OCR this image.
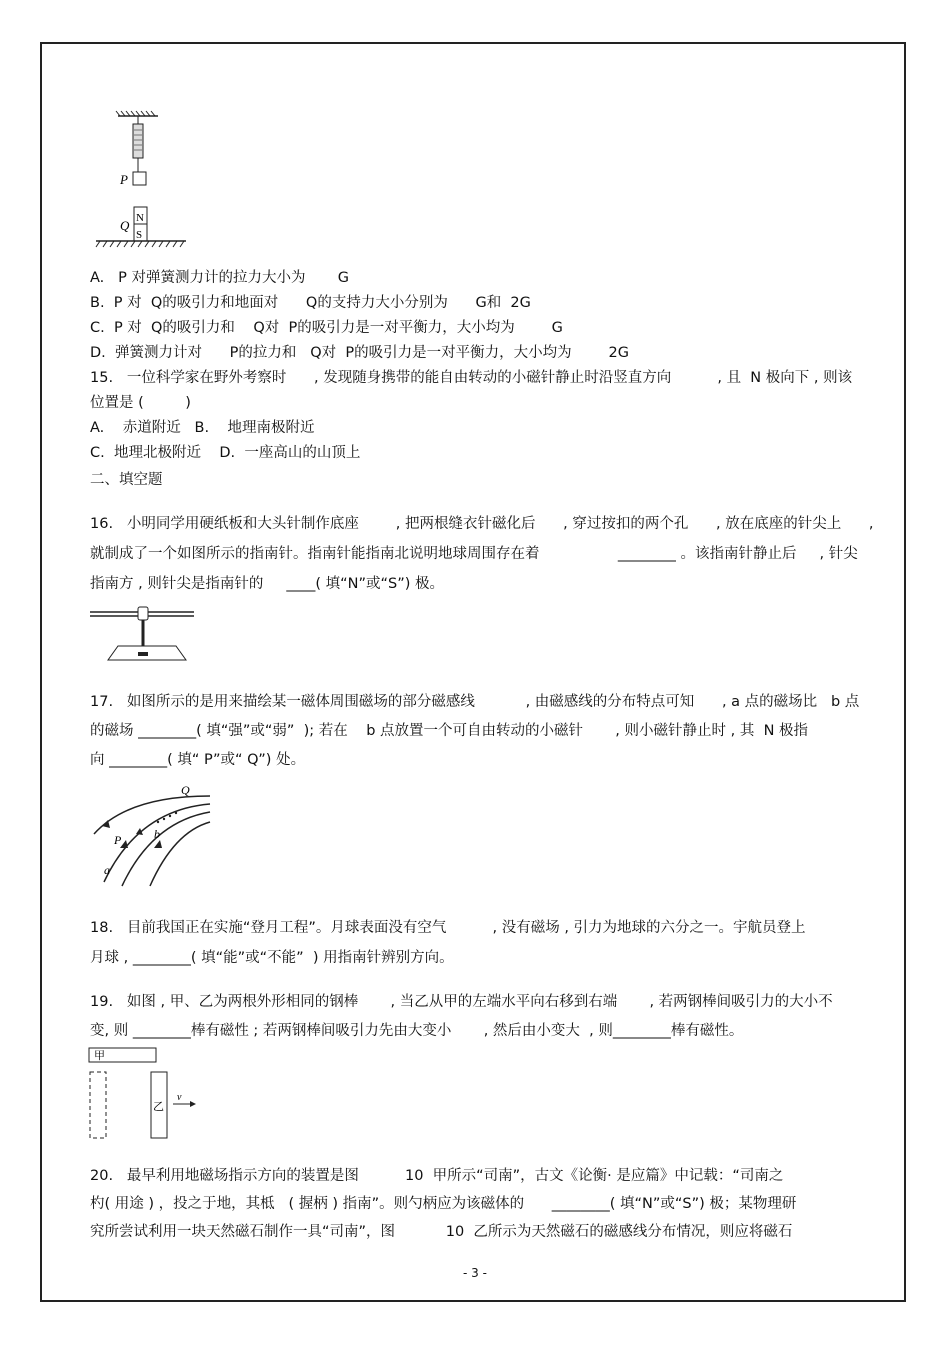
P
N
S
Q
A.   P 对弹簧测力计的拉力大小为       G
B.  P 对  Q的吸引力和地面对      Q的支持力大小分别为      G和  2G
C.  P 对  Q的吸引力和    Q对  P的吸引力是一对平衡力，大小均为        G
D.  弹簧测力计对      P的拉力和   Q对  P的吸引力是一对平衡力，大小均为        2G
15.   一位科学家在野外考察时      , 发现随身携带的能自由转动的小磁针静止时沿竖直方向          , 且  N 极向下 , 则该
位置是 (         )
A.    赤道附近   B.    地理南极附近
C.  地理北极附近    D.  一座高山的山顶上
二、填空题
16.   小明同学用硬纸板和大头针制作底座        , 把两根缝衣针磁化后      , 穿过按扣的两个孔      , 放在底座的针尖上      ,
就制成了一个如图所示的指南针。指南针能指南北说明地球周围存在着                 ________ 。该指南针静止后     , 针尖
指南方 , 则针尖是指南针的     ____( 填“N”或“S”) 极。
17.   如图所示的是用来描绘某一磁体周围磁场的部分磁感线           , 由磁感线的分布特点可知      , a 点的磁场比   b 点
的磁场 ________( 填“强”或“弱”  ); 若在    b 点放置一个可自由转动的小磁针       , 则小磁针静止时 , 其  N 极指
向 ________( 填“ P”或“ Q”) 处。
Q
P	b
a
18.   目前我国正在实施“登月工程”。月球表面没有空气          , 没有磁场 , 引力为地球的六分之一。宇航员登上
月球 , ________( 填“能”或“不能”  ) 用指南针辨别方向。
19.   如图 , 甲、乙为两根外形相同的钢棒       , 当乙从甲的左端水平向右移到右端       , 若两钢棒间吸引力的大小不
变, 则 ________棒有磁性 ; 若两钢棒间吸引力先由大变小       , 然后由小变大  , 则________棒有磁性。
甲
乙
v
20.   最早利用地磁场指示方向的装置是图          10  甲所示“司南”，古文《论衡· 是应篇》中记载：“司南之
杓( 用途 ) ，投之于地，其柢   ( 握柄 ) 指南”。则勺柄应为该磁体的      ________( 填“N”或“S”) 极；某物理研
究所尝试利用一块天然磁石制作一具“司南”，图           10  乙所示为天然磁石的磁感线分布情况，则应将磁石
- 3 -
